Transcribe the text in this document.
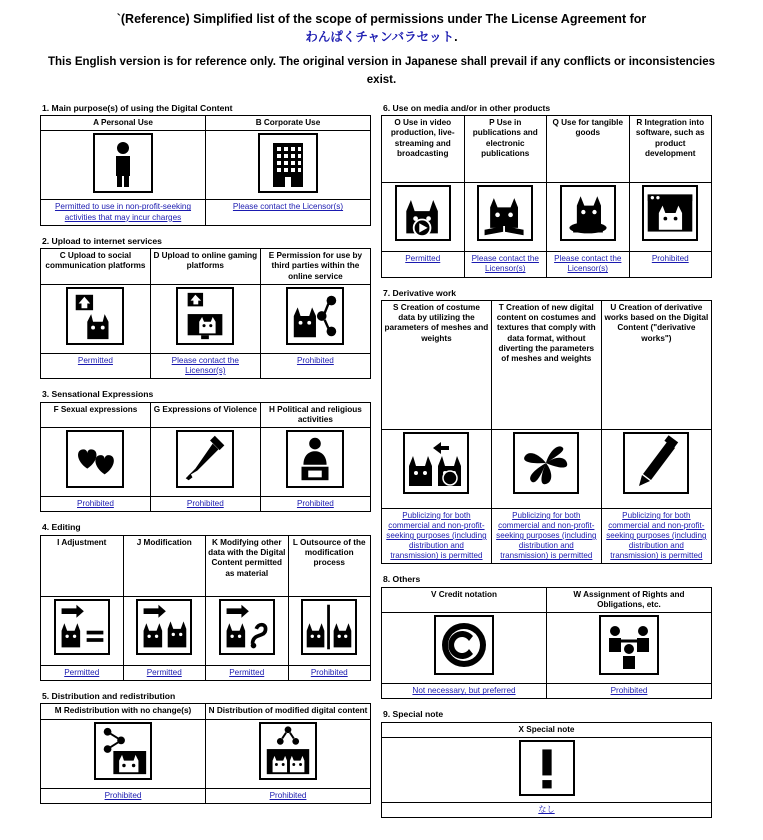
`(Reference) Simplified list of the scope of permissions under The License Agreement for
わんぱくチャンバラセット.
This English version is for reference only. The original version in Japanese shall prevail if any conflicts or inconsistencies exist.
1. Main purpose(s) of using the Digital Content
A Personal Use	B Corporate Use

Permitted to use in non-profit-seeking activities that may incur charges	Please contact the Licensor(s)
2. Upload to internet services
C Upload to social communication platforms	D Upload to online gaming platforms	E Permission for use by third parties within the online service

Permitted	Please contact the Licensor(s)	Prohibited
3. Sensational Expressions
F Sexual expressions	G Expressions of Violence	H Political and religious activities

Prohibited	Prohibited	Prohibited
4. Editing
I Adjustment	J Modification	K Modifying other data with the Digital Content permitted as material	L Outsource of the modification process

Permitted	Permitted	Permitted	Prohibited
5. Distribution and redistribution
M Redistribution with no change(s)	N Distribution of modified digital content

Prohibited	Prohibited
6. Use on media and/or in other products
O Use in video production, live-streaming and broadcasting	P Use in publications and electronic publications	Q Use for tangible goods	R Integration into software, such as product development

Permitted	Please contact the Licensor(s)	Please contact the Licensor(s)	Prohibited
7. Derivative work
S Creation of costume data by utilizing the parameters of meshes and weights	T Creation of new digital content on costumes and textures that comply with data format, without diverting the parameters of meshes and weights	U Creation of derivative works based on the Digital Content ("derivative works")

Publicizing for both commercial and non-profit-seeking purposes (including distribution and transmission) is permitted	Publicizing for both commercial and non-profit-seeking purposes (including distribution and transmission) is permitted	Publicizing for both commercial and non-profit-seeking purposes (including distribution and transmission) is permitted
8. Others
V Credit notation	W Assignment of Rights and Obligations, etc.

Not necessary, but preferred	Prohibited
9. Special note
X Special note

なし
